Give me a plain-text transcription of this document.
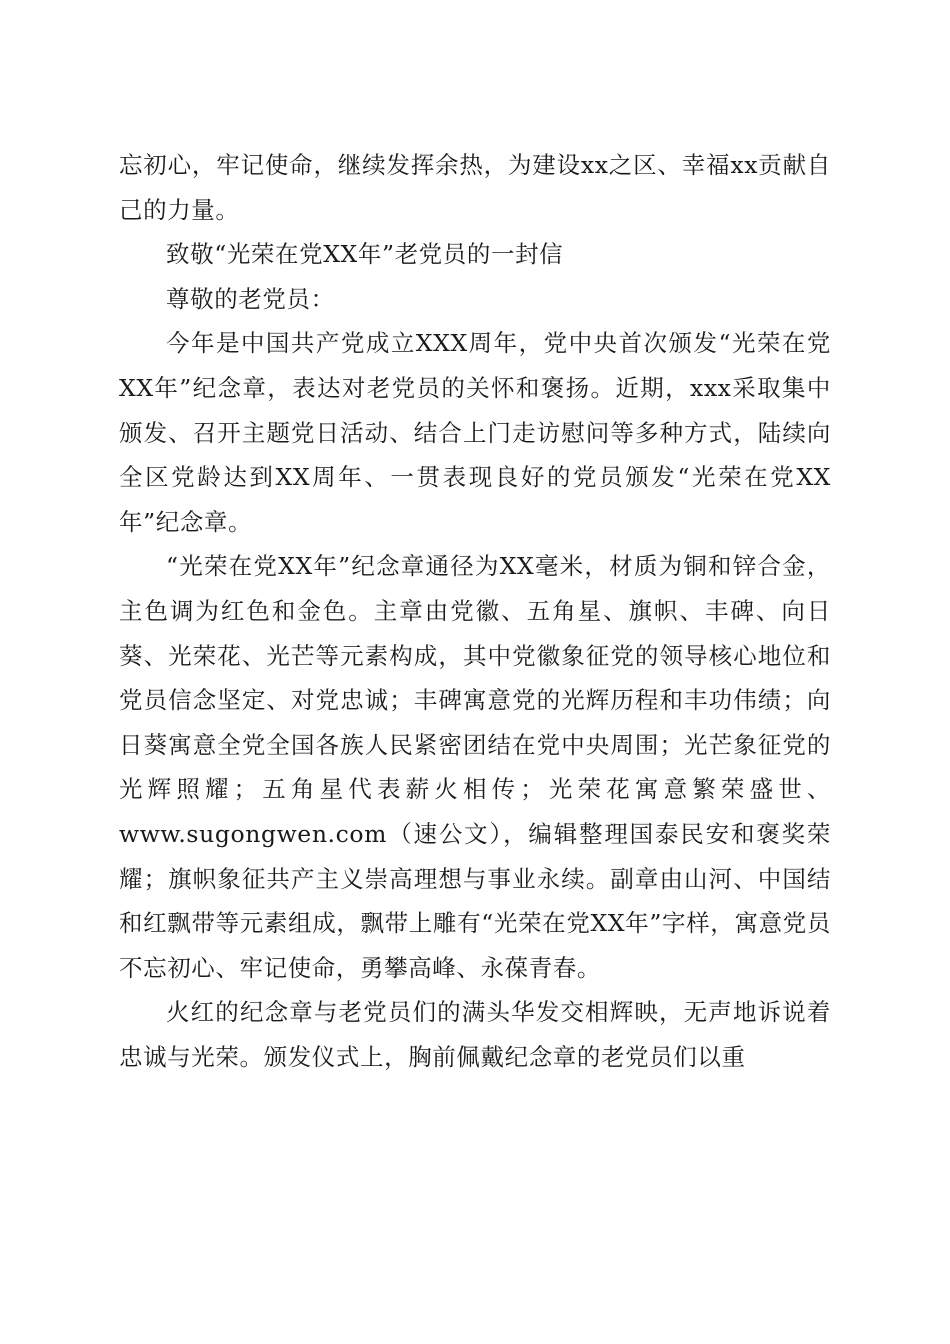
忘初心，牢记使命，继续发挥余热，为建设xx之区、幸福xx贡献自己的力量。

致敬“光荣在党XX年”老党员的一封信

尊敬的老党员：

今年是中国共产党成立XXX周年，党中央首次颁发“光荣在党XX年”纪念章，表达对老党员的关怀和褒扬。近期，xxx采取集中颁发、召开主题党日活动、结合上门走访慰问等多种方式，陆续向全区党龄达到XX周年、一贯表现良好的党员颁发“光荣在党XX年”纪念章。

“光荣在党XX年”纪念章通径为XX毫米，材质为铜和锌合金，主色调为红色和金色。主章由党徽、五角星、旗帜、丰碑、向日葵、光荣花、光芒等元素构成，其中党徽象征党的领导核心地位和党员信念坚定、对党忠诚；丰碑寓意党的光辉历程和丰功伟绩；向日葵寓意全党全国各族人民紧密团结在党中央周围；光芒象征党的光辉照耀；五角星代表薪火相传；光荣花寓意繁荣盛世、www.sugongwen.com（速公文），编辑整理国泰民安和褒奖荣耀；旗帜象征共产主义崇高理想与事业永续。副章由山河、中国结和红飘带等元素组成，飘带上雕有“光荣在党XX年”字样，寓意党员不忘初心、牢记使命，勇攀高峰、永葆青春。

火红的纪念章与老党员们的满头华发交相辉映，无声地诉说着忠诚与光荣。颁发仪式上，胸前佩戴纪念章的老党员们以重
